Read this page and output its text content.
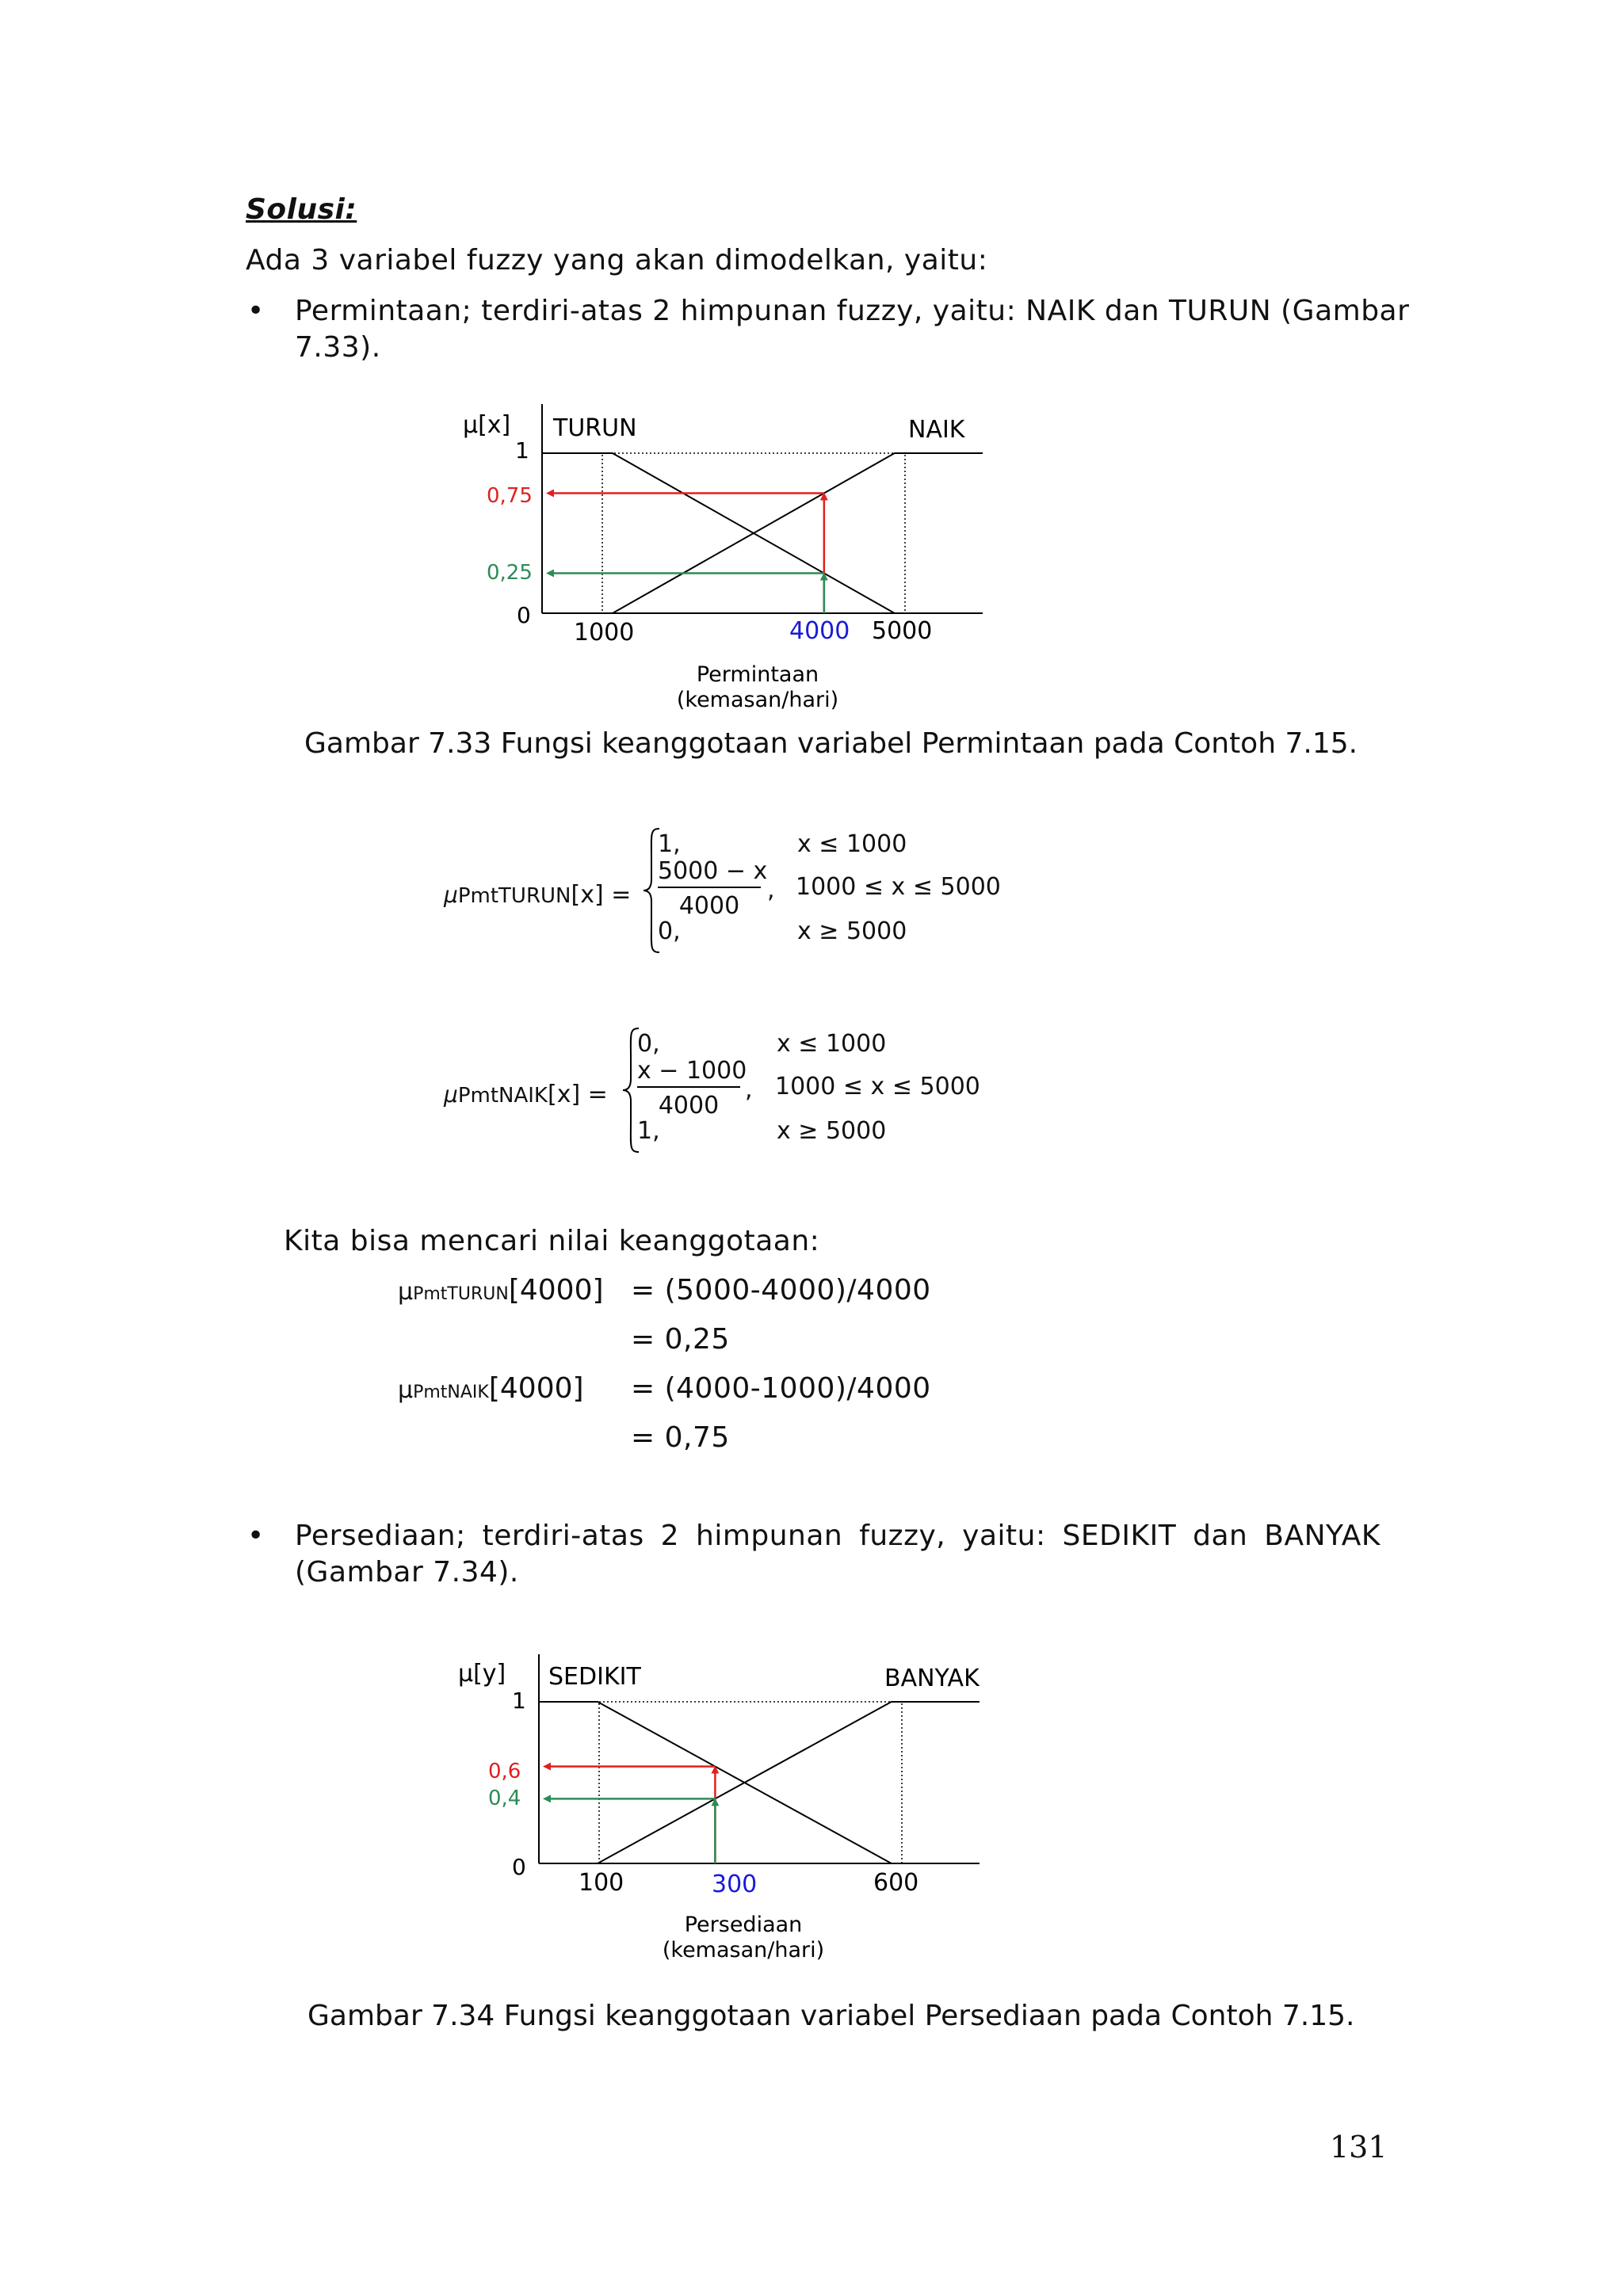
Solusi:
Ada 3 variabel fuzzy yang akan dimodelkan, yaitu:
• Permintaan; terdiri-atas 2 himpunan fuzzy, yaitu: NAIK dan TURUN (Gambar
7.33).
μ[x]
1
0,75
0,25
0
TURUN	NAIK
1000	4000 5000
Permintaan
(kemasan/hari)
Gambar 7.33 Fungsi keanggotaan variabel Permintaan pada Contoh 7.15.
μPmtTURUN[x] =
1,	x ≤ 1000
5000 − x
4000
, 1000 ≤ x ≤ 5000
0,	x ≥ 5000
μPmtNAIK[x] =
0,	x ≤ 1000
x − 1000
4000
, 1000 ≤ x ≤ 5000
1,	x ≥ 5000
Kita bisa mencari nilai keanggotaan:
μPmtTURUN[4000] = (5000-4000)/4000
= 0,25
μPmtNAIK[4000] = (4000-1000)/4000
= 0,75
• Persediaan; terdiri-atas 2 himpunan fuzzy, yaitu: SEDIKIT dan BANYAK
(Gambar 7.34).
μ[y]
1
0,6
0,4
0
SEDIKIT	BANYAK
100	300	600
Persediaan
(kemasan/hari)
Gambar 7.34 Fungsi keanggotaan variabel Persediaan pada Contoh 7.15.
131
